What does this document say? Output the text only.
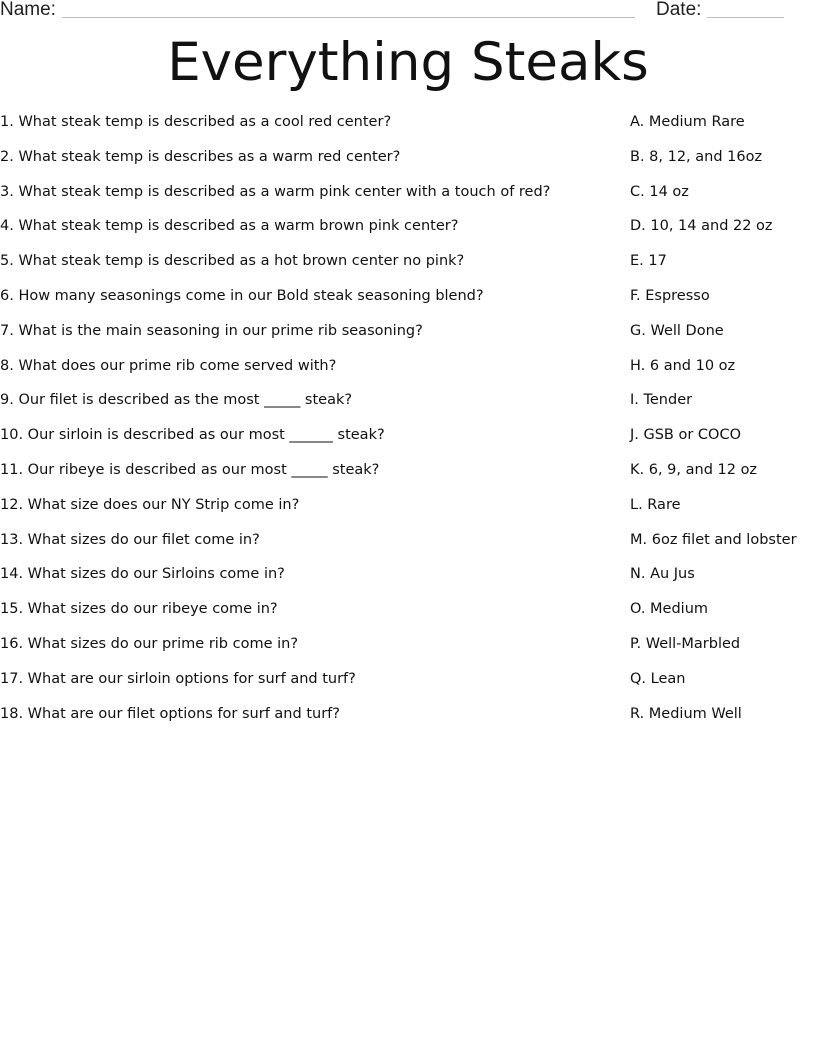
Name:	Date:
Everything Steaks
1. What steak temp is described as a cool red center?
2. What steak temp is describes as a warm red center?
3. What steak temp is described as a warm pink center with a touch of red?
4. What steak temp is described as a warm brown pink center?
5. What steak temp is described as a hot brown center no pink?
6. How many seasonings come in our Bold steak seasoning blend?
7. What is the main seasoning in our prime rib seasoning?
8. What does our prime rib come served with?
9. Our filet is described as the most _____ steak?
10. Our sirloin is described as our most ______ steak?
11. Our ribeye is described as our most _____ steak?
12. What size does our NY Strip come in?
13. What sizes do our filet come in?
14. What sizes do our Sirloins come in?
15. What sizes do our ribeye come in?
16. What sizes do our prime rib come in?
17. What are our sirloin options for surf and turf?
18. What are our filet options for surf and turf?
A. Medium Rare
B. 8, 12, and 16oz
C. 14 oz
D. 10, 14 and 22 oz
E. 17
F. Espresso
G. Well Done
H. 6 and 10 oz
I. Tender
J. GSB or COCO
K. 6, 9, and 12 oz
L. Rare
M. 6oz filet and lobster
N. Au Jus
O. Medium
P. Well-Marbled
Q. Lean
R. Medium Well
